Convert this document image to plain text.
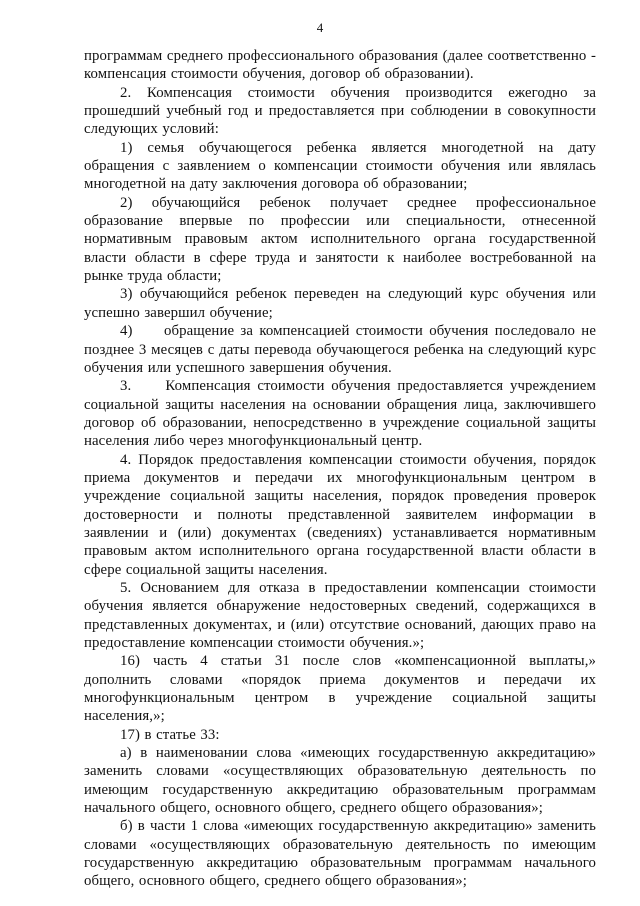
4

программам среднего профессионального образования (далее соответственно - компенсация стоимости обучения, договор об образовании).

2. Компенсация стоимости обучения производится ежегодно за прошедший учебный год и предоставляется при соблюдении в совокупности следующих условий:

1) семья обучающегося ребенка является многодетной на дату обращения с заявлением о компенсации стоимости обучения или являлась многодетной на дату заключения договора об образовании;

2) обучающийся ребенок получает среднее профессиональное образование впервые по профессии или специальности, отнесенной нормативным правовым актом исполнительного органа государственной власти области в сфере труда и занятости к наиболее востребованной на рынке труда области;

3) обучающийся ребенок переведен на следующий курс обучения или успешно завершил обучение;

4)     обращение за компенсацией стоимости обучения последовало не позднее 3 месяцев с даты перевода обучающегося ребенка на следующий курс обучения или успешного завершения обучения.

3.     Компенсация стоимости обучения предоставляется учреждением социальной защиты населения на основании обращения лица, заключившего договор об образовании, непосредственно в учреждение социальной защиты населения либо через многофункциональный центр.

4. Порядок предоставления компенсации стоимости обучения, порядок приема документов и передачи их многофункциональным центром в учреждение социальной защиты населения, порядок проведения проверок достоверности и полноты представленной заявителем информации в заявлении и (или) документах (сведениях) устанавливается нормативным правовым актом исполнительного органа государственной власти области в сфере социальной защиты населения.

5. Основанием для отказа в предоставлении компенсации стоимости обучения является обнаружение недостоверных сведений, содержащихся в представленных документах, и (или) отсутствие оснований, дающих право на предоставление компенсации стоимости обучения.»;

16) часть 4 статьи 31 после слов «компенсационной выплаты,» дополнить словами «порядок приема документов и передачи их многофункциональным центром в учреждение социальной защиты населения,»;

17) в статье 33:

а) в наименовании слова «имеющих государственную аккредитацию» заменить словами «осуществляющих образовательную деятельность по имеющим государственную аккредитацию образовательным программам начального общего, основного общего, среднего общего образования»;

б) в части 1 слова «имеющих государственную аккредитацию» заменить словами «осуществляющих образовательную деятельность по имеющим государственную аккредитацию образовательным программам начального общего, основного общего, среднего общего образования»;
